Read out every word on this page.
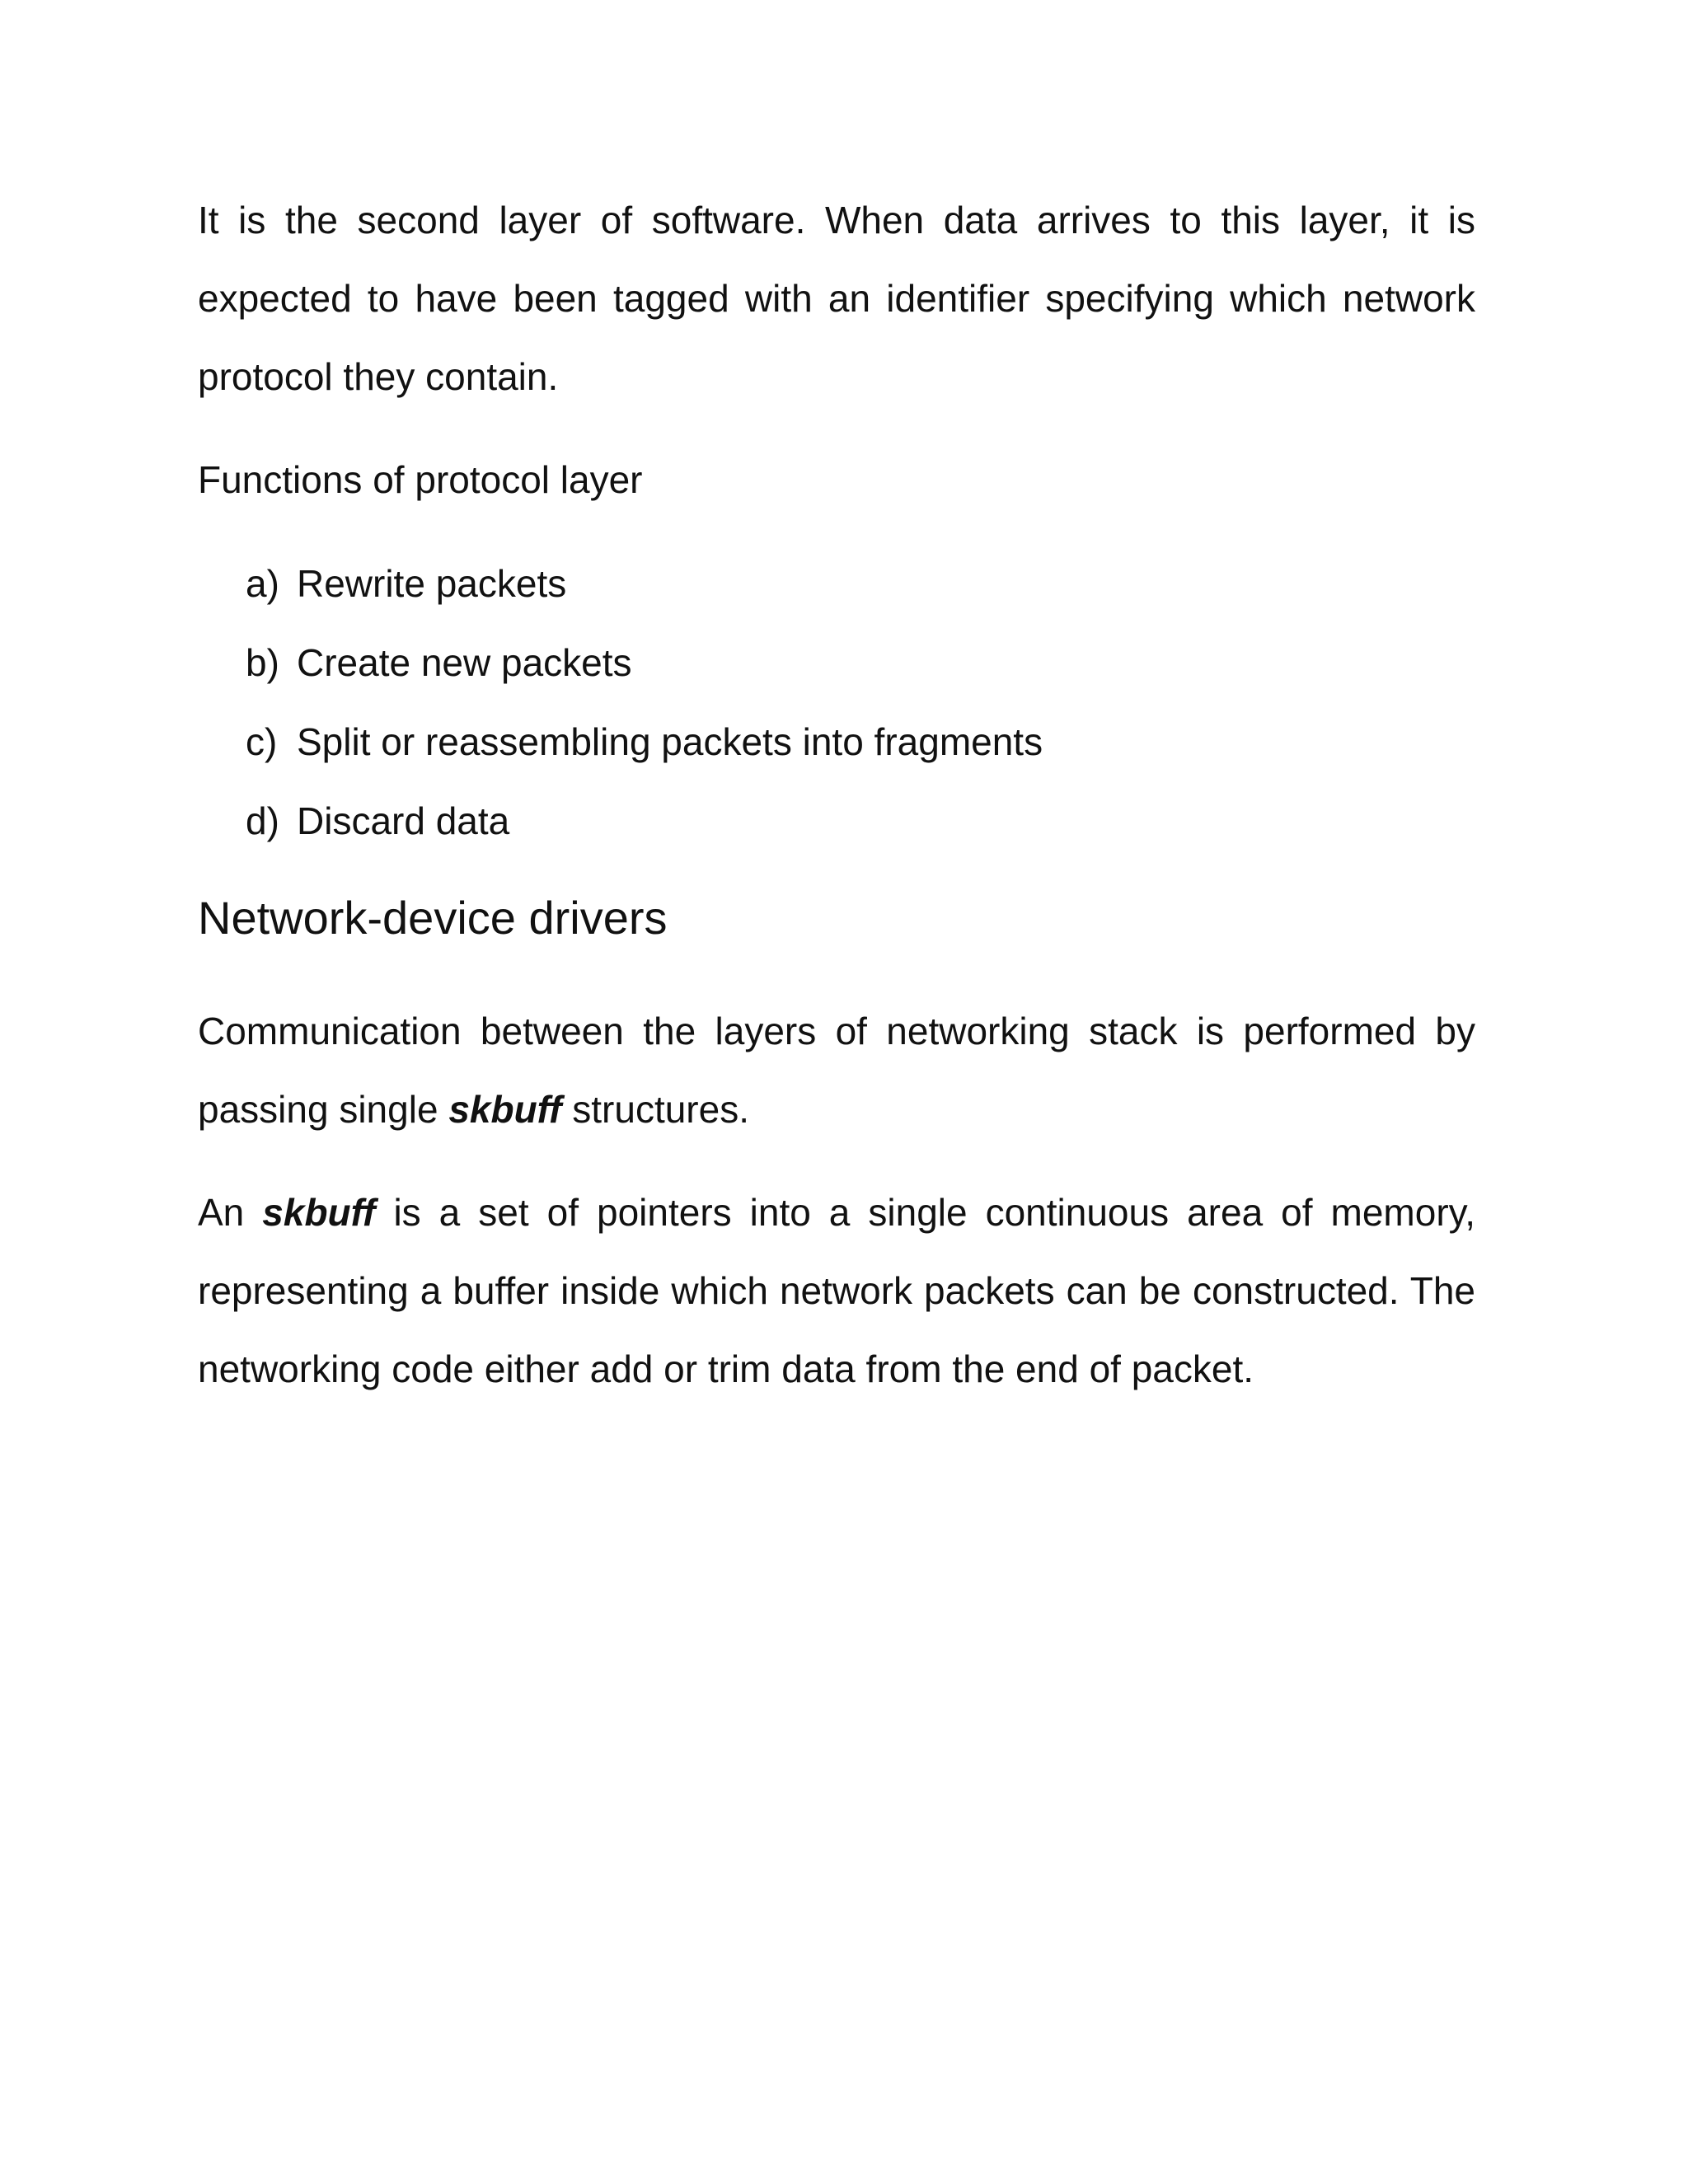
It is the second layer of software. When data arrives to this layer, it is expected to have been tagged with an identifier specifying which network protocol they contain.

Functions of protocol layer

a) Rewrite packets
b) Create new packets
c) Split or reassembling packets into fragments
d) Discard data
Network-device drivers

Communication between the layers of networking stack is performed by passing single skbuff structures.

An skbuff is a set of pointers into a single continuous area of memory, representing a buffer inside which network packets can be constructed. The networking code either add or trim data from the end of packet.
